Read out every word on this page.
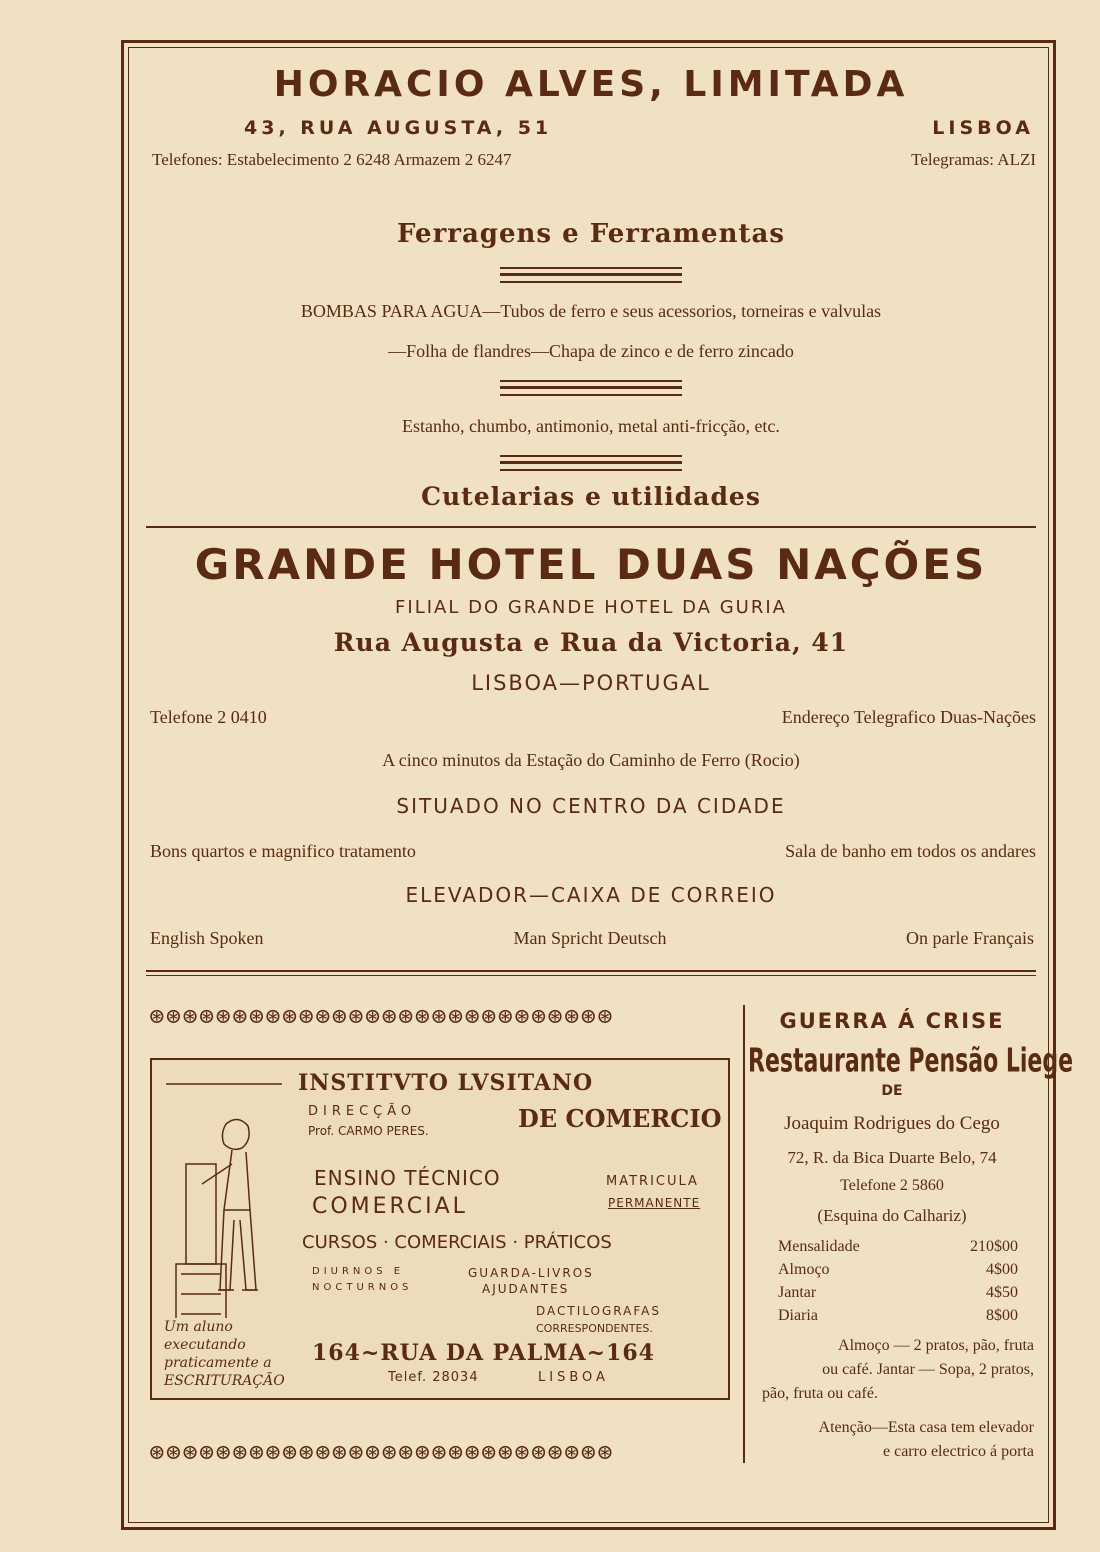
HORACIO ALVES, LIMITADA
43, RUA AUGUSTA, 51	LISBOA
Telefones: Estabelecimento 2 6248 Armazem 2 6247	Telegramas: ALZI
Ferragens e Ferramentas
BOMBAS PARA AGUA—Tubos de ferro e seus acessorios, torneiras e valvulas
—Folha de flandres—Chapa de zinco e de ferro zincado
Estanho, chumbo, antimonio, metal anti-fricção, etc.
Cutelarias e utilidades
GRANDE HOTEL DUAS NAÇÕES
FILIAL DO GRANDE HOTEL DA GURIA
Rua Augusta e Rua da Victoria, 41
LISBOA—PORTUGAL
Telefone 2 0410	Endereço Telegrafico Duas-Nações
A cinco minutos da Estação do Caminho de Ferro (Rocio)
SITUADO NO CENTRO DA CIDADE
Bons quartos e magnifico tratamento	Sala de banho em todos os andares
ELEVADOR—CAIXA DE CORREIO
English Spoken	Man Spricht Deutsch	On parle Français
⊛⊛⊛⊛⊛⊛⊛⊛⊛⊛⊛⊛⊛⊛⊛⊛⊛⊛⊛⊛⊛⊛⊛⊛⊛⊛⊛⊛
Um aluno executando praticamente a ESCRITURAÇÃO
INSTITVTO LVSITANO
DIRECÇÃO
Prof. CARMO PERES.	DE COMERCIO
ENSINO TÉCNICO
COMERCIAL
MATRICULA
PERMANENTE
CURSOS · COMERCIAIS · PRÁTICOS
DIURNOS E
NOCTURNOS
GUARDA-LIVROS
AJUDANTES
DACTILOGRAFAS
CORRESPONDENTES.
164~RUA DA PALMA~164
Telef. 28034	LISBOA
⊛⊛⊛⊛⊛⊛⊛⊛⊛⊛⊛⊛⊛⊛⊛⊛⊛⊛⊛⊛⊛⊛⊛⊛⊛⊛⊛⊛
GUERRA Á CRISE
Restaurante Pensão Liege
DE
Joaquim Rodrigues do Cego
72, R. da Bica Duarte Belo, 74
Telefone 2 5860
(Esquina do Calhariz)
Mensalidade	210$00
Almoço	4$00
Jantar	4$50
Diaria	8$00
Almoço — 2 pratos, pão, fruta
ou café. Jantar — Sopa, 2 pratos,
pão, fruta ou café.
Atenção—Esta casa tem elevador
e carro electrico á porta
